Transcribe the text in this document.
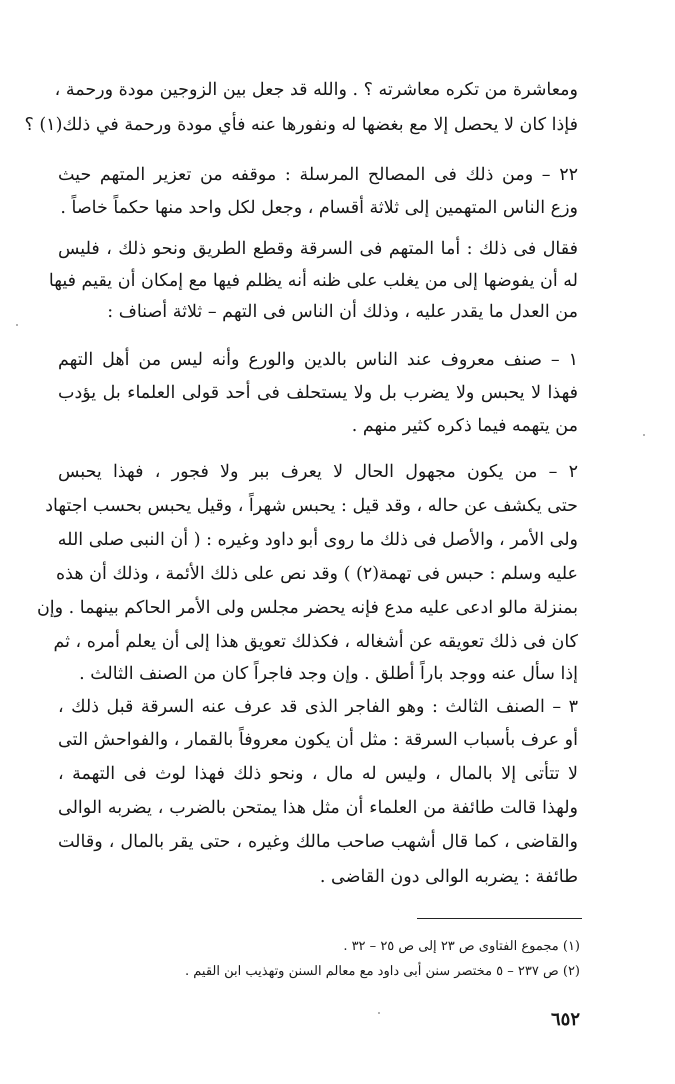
ومعاشرة من تكره معاشرته ؟ . والله قد جعل بين الزوجين مودة ورحمة ،
فإذا كان لا يحصل إلا مع بغضها له ونفورها عنه فأي مودة ورحمة في ذلك(١) ؟
٢٢ – ومن ذلك فى المصالح المرسلة : موقفه من تعزير المتهم حيث
وزع الناس المتهمين إلى ثلاثة أقسام ، وجعل لكل واحد منها حكماً خاصاً .
فقال فى ذلك : أما المتهم فى السرقة وقطع الطريق ونحو ذلك ، فليس
له أن يفوضها إلى من يغلب على ظنه أنه يظلم فيها مع إمكان أن يقيم فيها
من العدل ما يقدر عليه ، وذلك أن الناس فى التهم – ثلاثة أصناف :
١ – صنف معروف عند الناس بالدين والورع وأنه ليس من أهل التهم
فهذا لا يحبس ولا يضرب بل ولا يستحلف فى أحد قولى العلماء بل يؤدب
من يتهمه فيما ذكره كثير منهم .
٢ – من يكون مجهول الحال لا يعرف ببر ولا فجور ، فهذا يحبس
حتى يكشف عن حاله ، وقد قيل : يحبس شهراً ، وقيل يحبس بحسب اجتهاد
ولى الأمر ، والأصل فى ذلك ما روى أبو داود وغيره : ( أن النبى صلى الله
عليه وسلم : حبس فى تهمة(٢) ) وقد نص على ذلك الأئمة ، وذلك أن هذه
بمنزلة مالو ادعى عليه مدع فإنه يحضر مجلس ولى الأمر الحاكم بينهما . وإن
كان فى ذلك تعويقه عن أشغاله ، فكذلك تعويق هذا إلى أن يعلم أمره ، ثم
إذا سأل عنه ووجد باراً أطلق . وإن وجد فاجراً كان من الصنف الثالث .
٣ – الصنف الثالث : وهو الفاجر الذى قد عرف عنه السرقة قبل ذلك ،
أو عرف بأسباب السرقة : مثل أن يكون معروفاً بالقمار ، والفواحش التى
لا تتأتى إلا بالمال ، وليس له مال ، ونحو ذلك فهذا لوث فى التهمة ،
ولهذا قالت طائفة من العلماء أن مثل هذا يمتحن بالضرب ، يضربه الوالى
والقاضى ، كما قال أشهب صاحب مالك وغيره ، حتى يقر بالمال ، وقالت
طائفة : يضربه الوالى دون القاضى .
(١) مجموع الفتاوى ص ٢٣ إلى ص ٢٥ – ٣٢ .
(٢) ص ٢٣٧ – ٥ مختصر سنن أبى داود مع معالم السنن وتهذيب ابن القيم .
٦٥٢
